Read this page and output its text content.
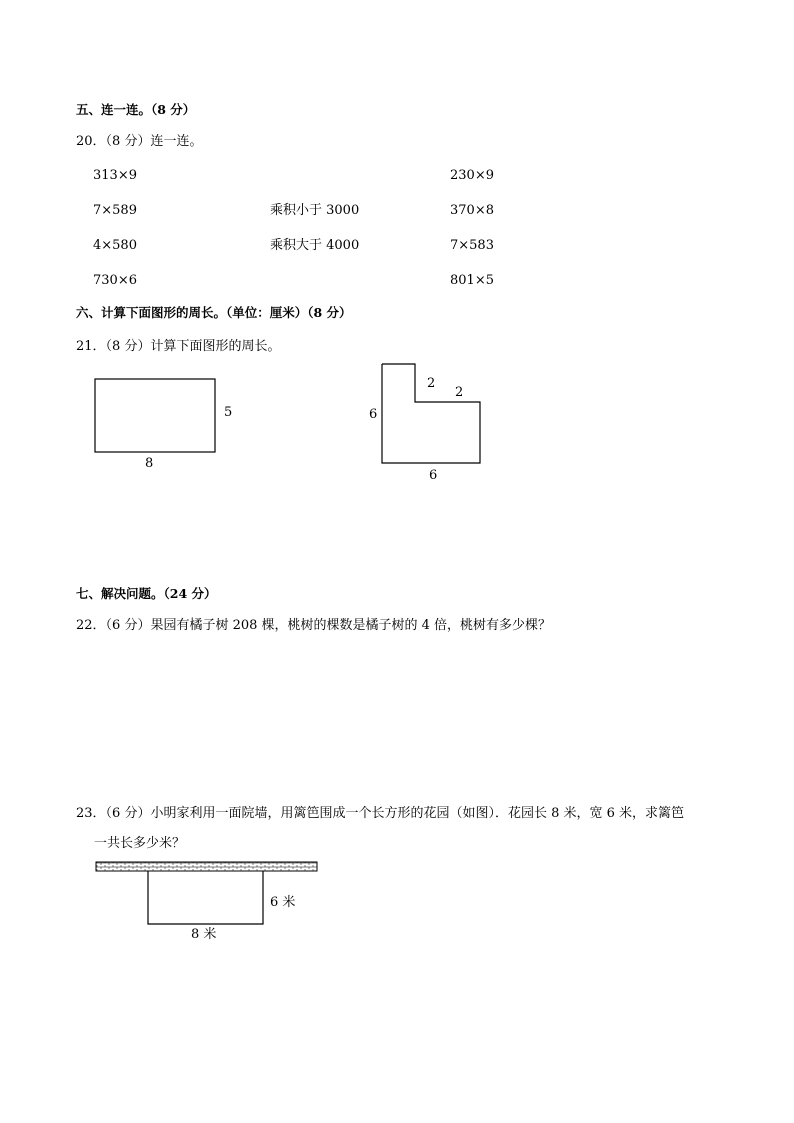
五、连一连。（8 分）
20．（8 分）连一连。
313×9
7×589
4×580
730×6
乘积小于 3000
乘积大于 4000
230×9
370×8
7×583
801×5
六、计算下面图形的周长。（单位：厘米）（8 分）
21．（8 分）计算下面图形的周长。
5
8
2
2
6
6
七、解决问题。（24 分）
22．（6 分）果园有橘子树 208 棵，桃树的棵数是橘子树的 4 倍，桃树有多少棵？
23．（6 分）小明家利用一面院墙，用篱笆围成一个长方形的花园（如图）．花园长 8 米，宽 6 米，求篱笆
一共长多少米？
6 米
8 米
